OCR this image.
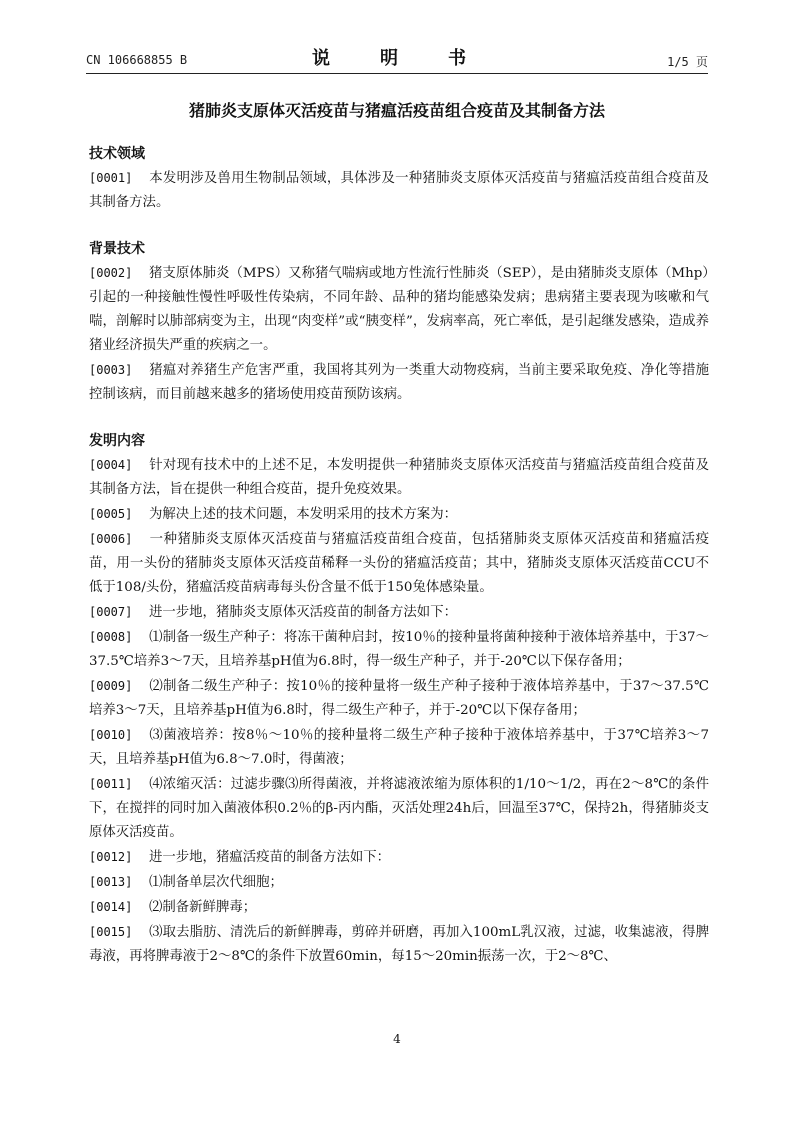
CN 106668855 B	说　明　书	1/5 页
猪肺炎支原体灭活疫苗与猪瘟活疫苗组合疫苗及其制备方法
技术领域
[0001] 本发明涉及兽用生物制品领域，具体涉及一种猪肺炎支原体灭活疫苗与猪瘟活疫苗组合疫苗及其制备方法。
背景技术
[0002] 猪支原体肺炎（MPS）又称猪气喘病或地方性流行性肺炎（SEP），是由猪肺炎支原体（Mhp）引起的一种接触性慢性呼吸性传染病，不同年龄、品种的猪均能感染发病；患病猪主要表现为咳嗽和气喘，剖解时以肺部病变为主，出现“肉变样”或“胰变样”，发病率高，死亡率低，是引起继发感染，造成养猪业经济损失严重的疾病之一。
[0003] 猪瘟对养猪生产危害严重，我国将其列为一类重大动物疫病，当前主要采取免疫、净化等措施控制该病，而目前越来越多的猪场使用疫苗预防该病。
发明内容
[0004] 针对现有技术中的上述不足，本发明提供一种猪肺炎支原体灭活疫苗与猪瘟活疫苗组合疫苗及其制备方法，旨在提供一种组合疫苗，提升免疫效果。
[0005] 为解决上述的技术问题，本发明采用的技术方案为：
[0006] 一种猪肺炎支原体灭活疫苗与猪瘟活疫苗组合疫苗，包括猪肺炎支原体灭活疫苗和猪瘟活疫苗，用一头份的猪肺炎支原体灭活疫苗稀释一头份的猪瘟活疫苗；其中，猪肺炎支原体灭活疫苗CCU不低于108/头份，猪瘟活疫苗病毒每头份含量不低于150兔体感染量。
[0007] 进一步地，猪肺炎支原体灭活疫苗的制备方法如下：
[0008] ⑴制备一级生产种子：将冻干菌种启封，按10％的接种量将菌种接种于液体培养基中，于37～37.5℃培养3～7天，且培养基pH值为6.8时，得一级生产种子，并于-20℃以下保存备用；
[0009] ⑵制备二级生产种子：按10％的接种量将一级生产种子接种于液体培养基中，于37～37.5℃培养3～7天，且培养基pH值为6.8时，得二级生产种子，并于-20℃以下保存备用；
[0010] ⑶菌液培养：按8％～10％的接种量将二级生产种子接种于液体培养基中，于37℃培养3～7天，且培养基pH值为6.8～7.0时，得菌液；
[0011] ⑷浓缩灭活：过滤步骤⑶所得菌液，并将滤液浓缩为原体积的1/10～1/2，再在2～8℃的条件下，在搅拌的同时加入菌液体积0.2％的β-丙内酯，灭活处理24h后，回温至37℃，保持2h，得猪肺炎支原体灭活疫苗。
[0012] 进一步地，猪瘟活疫苗的制备方法如下：
[0013] ⑴制备单层次代细胞；
[0014] ⑵制备新鲜脾毒；
[0015] ⑶取去脂肪、清洗后的新鲜脾毒，剪碎并研磨，再加入100mL乳汉液，过滤，收集滤液，得脾毒液，再将脾毒液于2～8℃的条件下放置60min，每15～20min振荡一次，于2～8℃、
4
